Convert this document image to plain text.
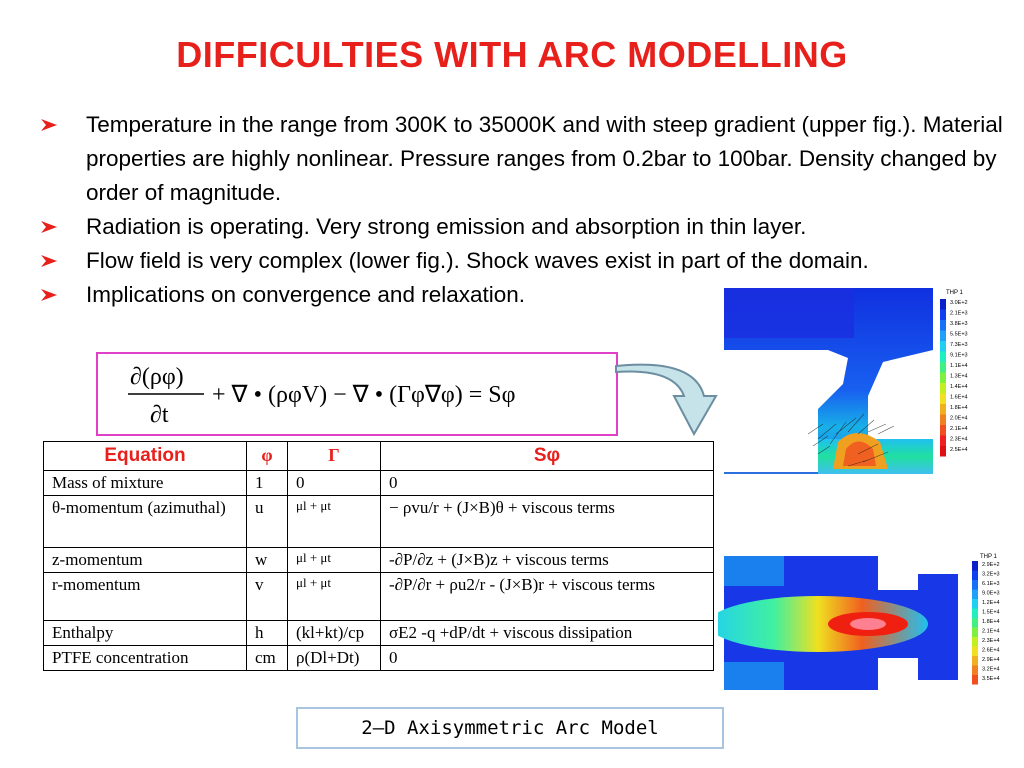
DIFFICULTIES WITH ARC MODELLING
Temperature in the range from 300K to 35000K and with steep gradient (upper fig.). Material properties are highly nonlinear. Pressure ranges from 0.2bar to 100bar. Density changed by order of magnitude.
Radiation is operating. Very strong emission and absorption in thin layer.
Flow field is very complex (lower fig.). Shock waves exist in part of the domain.
Implications on convergence and relaxation.
∂(ρφ)
∂t
+ ∇ • (ρφV) − ∇ • (Γφ∇φ) = Sφ
Equation	φ	Γ	Sφ
Mass of mixture	1	0	0
θ-momentum (azimuthal)	u	μl + μt	− ρvu/r + (J×B)θ + viscous terms
z-momentum	w	μl + μt	-∂P/∂z + (J×B)z + viscous terms
r-momentum	v	μl + μt	-∂P/∂r + ρu2/r - (J×B)r + viscous terms
Enthalpy	h	(kl+kt)/cp	σE2 -q +dP/dt + viscous dissipation
PTFE concentration	cm	ρ(Dl+Dt)	0
THP 1
3.0E+2
2.1E+3
3.8E+3
5.5E+3
7.3E+3
9.1E+3
1.1E+4
1.3E+4
1.4E+4
1.6E+4
1.8E+4
2.0E+4
2.1E+4
2.3E+4
2.5E+4
THP 1
2.9E+2
3.2E+3
6.1E+3
9.0E+3
1.2E+4
1.5E+4
1.8E+4
2.1E+4
2.3E+4
2.6E+4
2.9E+4
3.2E+4
3.5E+4
2—D Axisymmetric Arc Model
